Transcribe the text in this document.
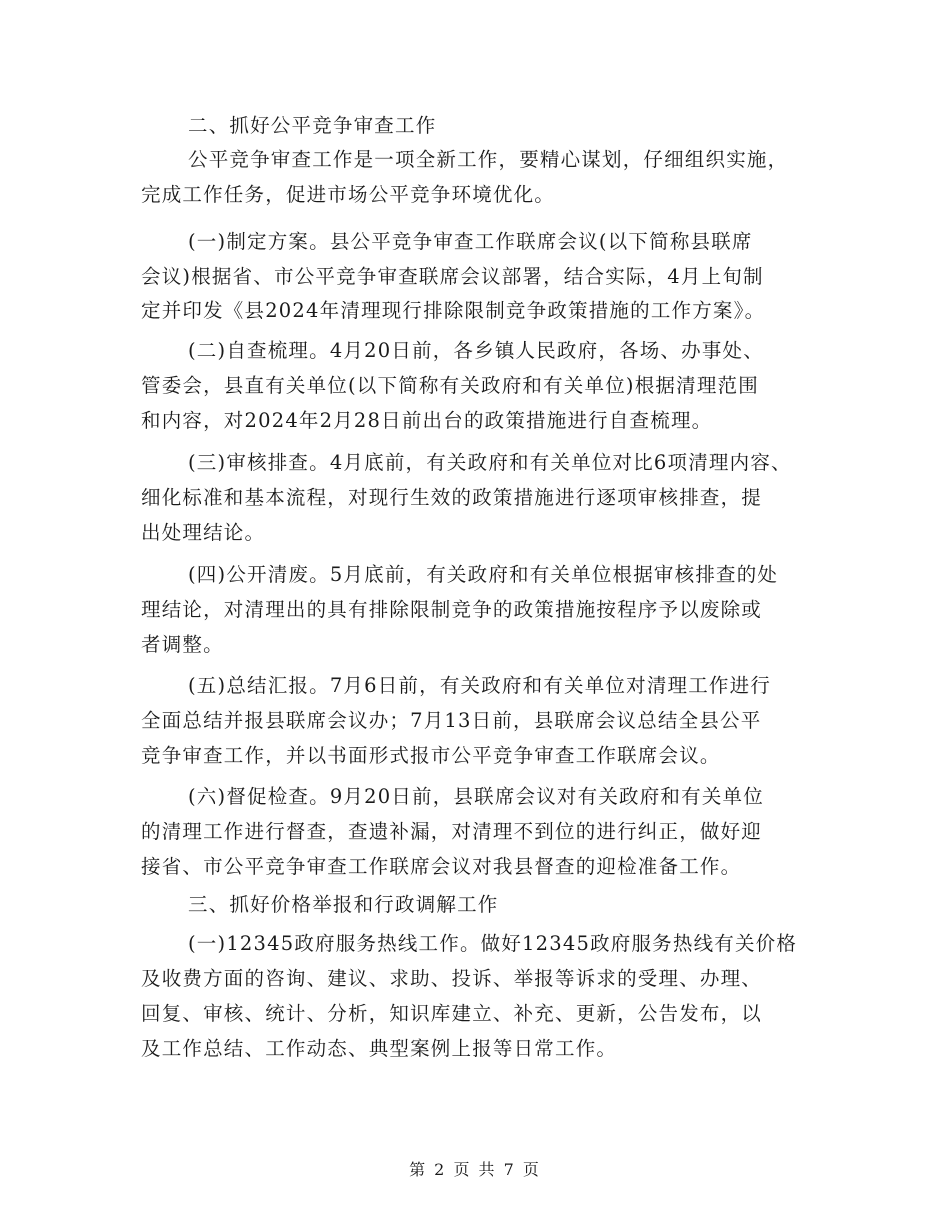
二、抓好公平竞争审查工作
公平竞争审查工作是一项全新工作，要精心谋划，仔细组织实施，
完成工作任务，促进市场公平竞争环境优化。
(一)制定方案。县公平竞争审查工作联席会议(以下简称县联席
会议)根据省、市公平竞争审查联席会议部署，结合实际，4月上旬制
定并印发《县2024年清理现行排除限制竞争政策措施的工作方案》。
(二)自查梳理。4月20日前，各乡镇人民政府，各场、办事处、
管委会，县直有关单位(以下简称有关政府和有关单位)根据清理范围
和内容，对2024年2月28日前出台的政策措施进行自查梳理。
(三)审核排查。4月底前，有关政府和有关单位对比6项清理内容、
细化标准和基本流程，对现行生效的政策措施进行逐项审核排查，提
出处理结论。
(四)公开清废。5月底前，有关政府和有关单位根据审核排查的处
理结论，对清理出的具有排除限制竞争的政策措施按程序予以废除或
者调整。
(五)总结汇报。7月6日前，有关政府和有关单位对清理工作进行
全面总结并报县联席会议办；7月13日前，县联席会议总结全县公平
竞争审查工作，并以书面形式报市公平竞争审查工作联席会议。
(六)督促检查。9月20日前，县联席会议对有关政府和有关单位
的清理工作进行督查，查遗补漏，对清理不到位的进行纠正，做好迎
接省、市公平竞争审查工作联席会议对我县督查的迎检准备工作。
三、抓好价格举报和行政调解工作
(一)12345政府服务热线工作。做好12345政府服务热线有关价格
及收费方面的咨询、建议、求助、投诉、举报等诉求的受理、办理、
回复、审核、统计、分析，知识库建立、补充、更新，公告发布，以
及工作总结、工作动态、典型案例上报等日常工作。
第 2 页 共 7 页
